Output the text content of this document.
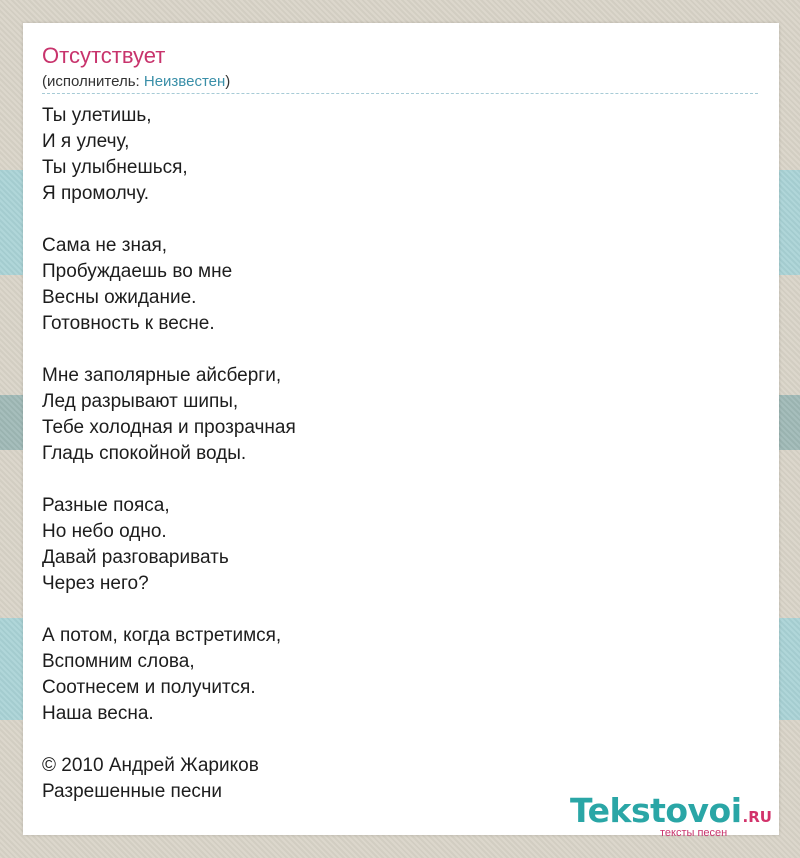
Отсутствует
(исполнитель: Неизвестен)
Ты улетишь,
И я улечу,
Ты улыбнешься,
Я промолчу.
Сама не зная,
Пробуждаешь во мне
Весны ожидание.
Готовность к весне.
Мне заполярные айсберги,
Лед разрывают шипы,
Тебе холодная и прозрачная
Гладь спокойной воды.
Разные пояса,
Но небо одно.
Давай разговаривать
Через него?
А потом, когда встретимся,
Вспомним слова,
Соотнесем и получится.
Наша весна.
© 2010 Андрей Жариков
Разрешенные песни	Tekstovoi.RU
тексты песен
